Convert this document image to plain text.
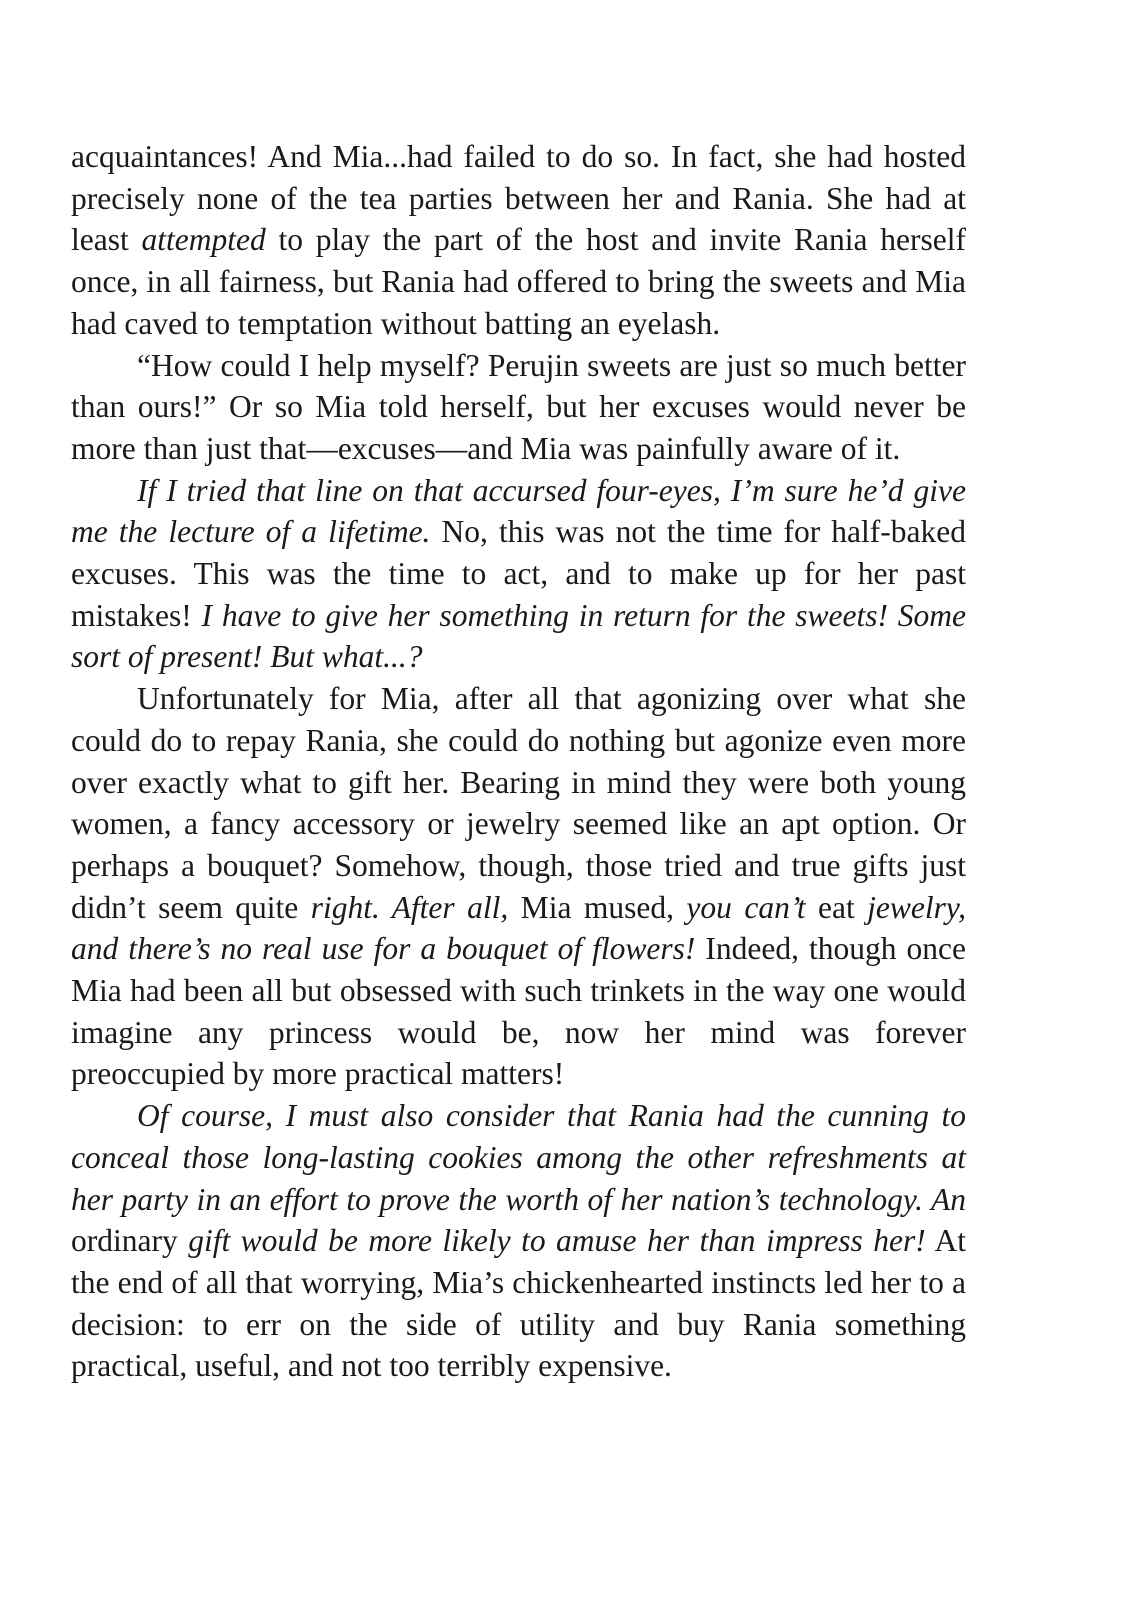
acquaintances! And Mia...had failed to do so. In fact, she had hosted precisely none of the tea parties between her and Rania. She had at least attempted to play the part of the host and invite Rania herself once, in all fairness, but Rania had offered to bring the sweets and Mia had caved to temptation without batting an eyelash.

“How could I help myself? Perujin sweets are just so much better than ours!” Or so Mia told herself, but her excuses would never be more than just that—excuses—and Mia was painfully aware of it.

If I tried that line on that accursed four-eyes, I’m sure he’d give me the lecture of a lifetime. No, this was not the time for half-baked excuses. This was the time to act, and to make up for her past mistakes! I have to give her something in return for the sweets! Some sort of present! But what...?

Unfortunately for Mia, after all that agonizing over what she could do to repay Rania, she could do nothing but agonize even more over exactly what to gift her. Bearing in mind they were both young women, a fancy accessory or jewelry seemed like an apt option. Or perhaps a bouquet? Somehow, though, those tried and true gifts just didn’t seem quite right. After all, Mia mused, you can’t eat jewelry, and there’s no real use for a bouquet of flowers! Indeed, though once Mia had been all but obsessed with such trinkets in the way one would imagine any princess would be, now her mind was forever preoccupied by more practical matters!

Of course, I must also consider that Rania had the cunning to conceal those long-lasting cookies among the other refreshments at her party in an effort to prove the worth of her nation’s technology. An ordinary gift would be more likely to amuse her than impress her! At the end of all that worrying, Mia’s chickenhearted instincts led her to a decision: to err on the side of utility and buy Rania something practical, useful, and not too terribly expensive.
